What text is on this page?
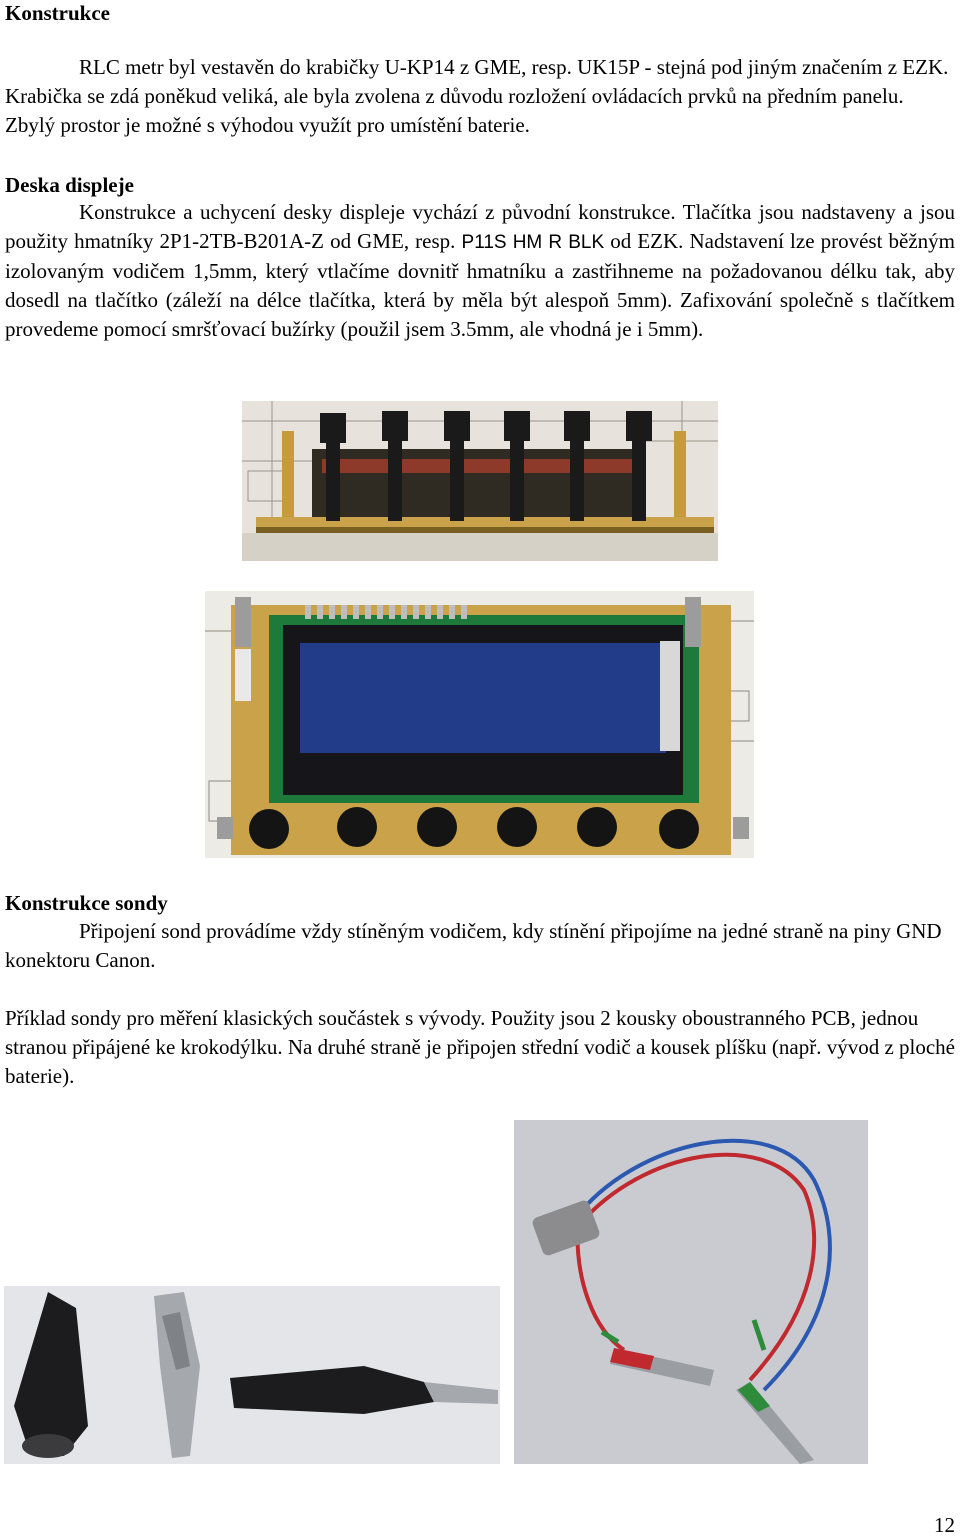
Konstrukce

RLC metr byl vestavěn do krabičky U-KP14 z GME, resp. UK15P - stejná pod jiným značením z EZK. Krabička se zdá poněkud veliká, ale byla zvolena z důvodu rozložení ovládacích prvků na předním panelu. Zbylý prostor je možné s výhodou využít pro umístění baterie.

Deska displeje

Konstrukce a uchycení desky displeje vychází z původní konstrukce. Tlačítka jsou nadstaveny a jsou použity hmatníky 2P1-2TB-B201A-Z od GME, resp. P11S HM R BLK od EZK. Nadstavení lze provést běžným izolovaným vodičem 1,5mm, který vtlačíme dovnitř hmatníku a zastřihneme na požadovanou délku tak, aby dosedl na tlačítko (záleží na délce tlačítka, která by měla být alespoň 5mm). Zafixování společně s tlačítkem provedeme pomocí smršťovací bužírky (použil jsem 3.5mm, ale vhodná je i 5mm).

Konstrukce sondy

Připojení sond provádíme vždy stíněným vodičem, kdy stínění připojíme na jedné straně na piny GND konektoru Canon.

Příklad sondy pro měření klasických součástek s vývody. Použity jsou 2 kousky oboustranného PCB, jednou stranou připájené ke krokodýlku. Na druhé straně je připojen střední vodič a kousek plíšku (např. vývod z ploché baterie).

12
